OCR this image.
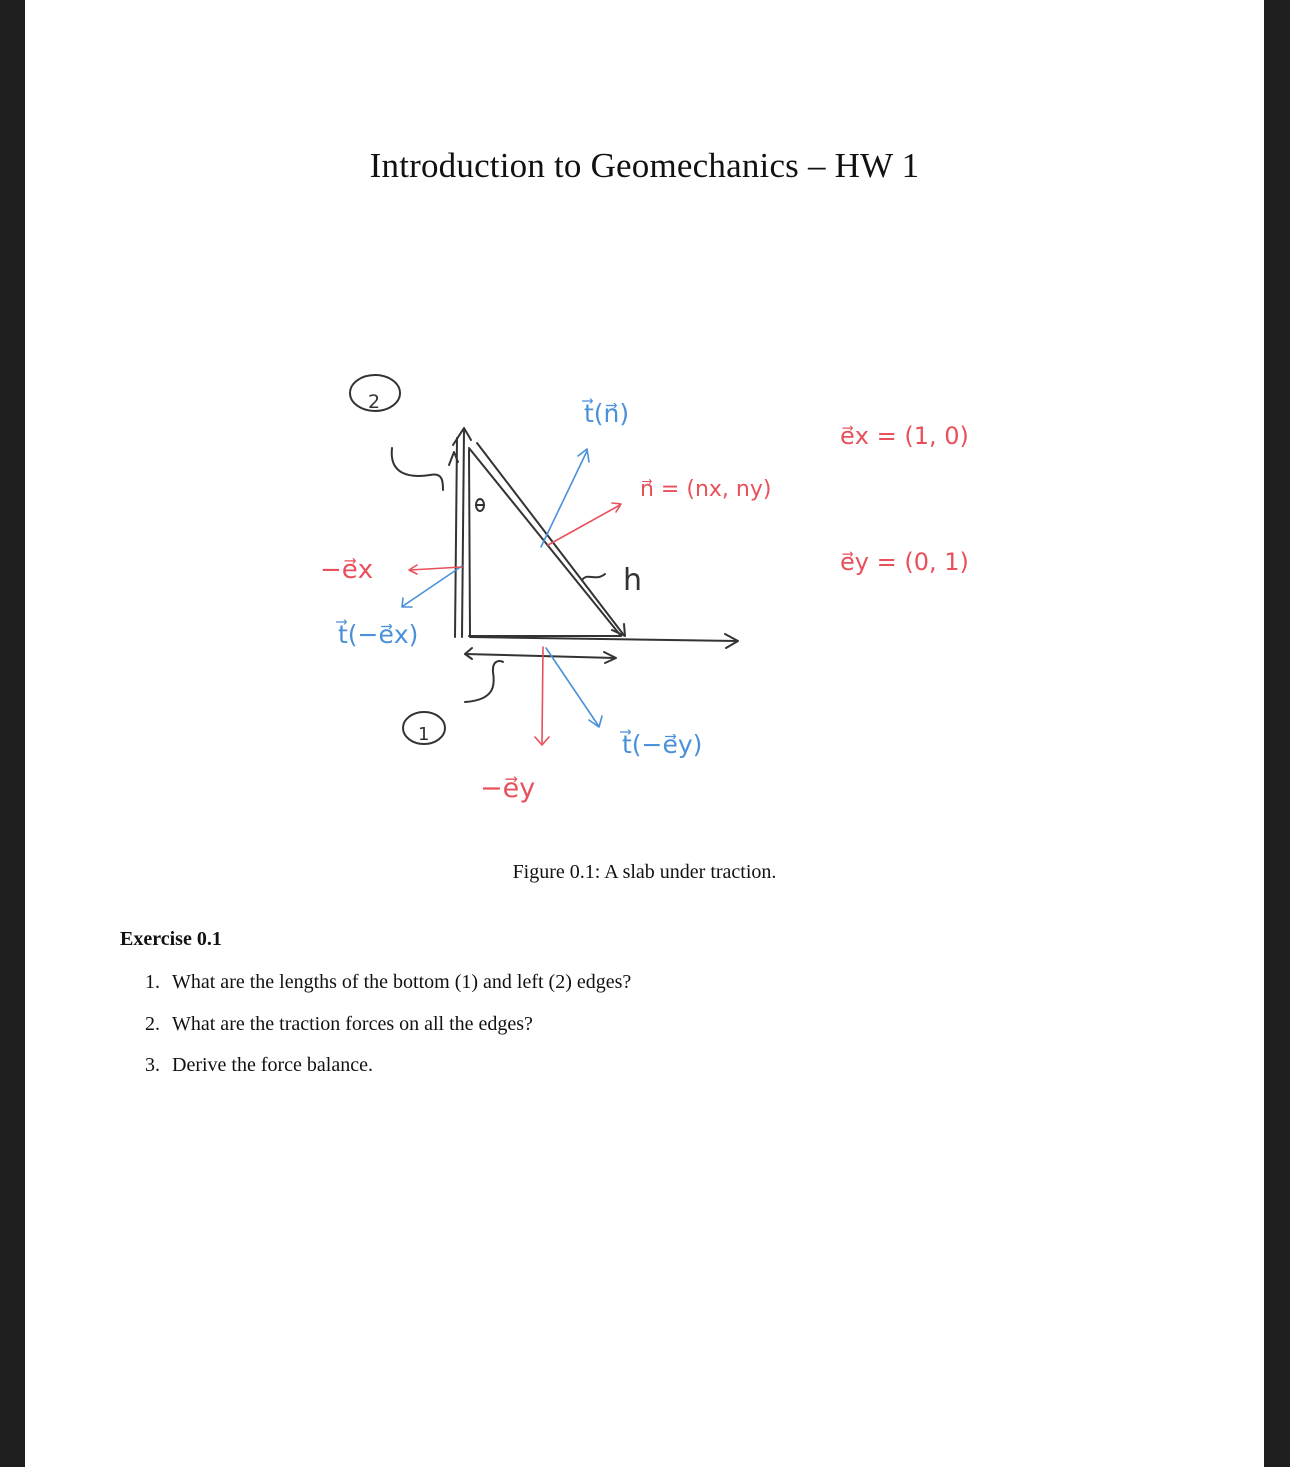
Introduction to Geomechanics – HW 1
2
1
h
t⃗(n⃗)
t⃗(−e⃗x)
t⃗(−e⃗y)
n⃗ = (nx, ny)
−e⃗x
−e⃗y
e⃗x = (1, 0)
e⃗y = (0, 1)
Figure 0.1: A slab under traction.
Exercise 0.1
1. What are the lengths of the bottom (1) and left (2) edges?
2. What are the traction forces on all the edges?
3. Derive the force balance.
